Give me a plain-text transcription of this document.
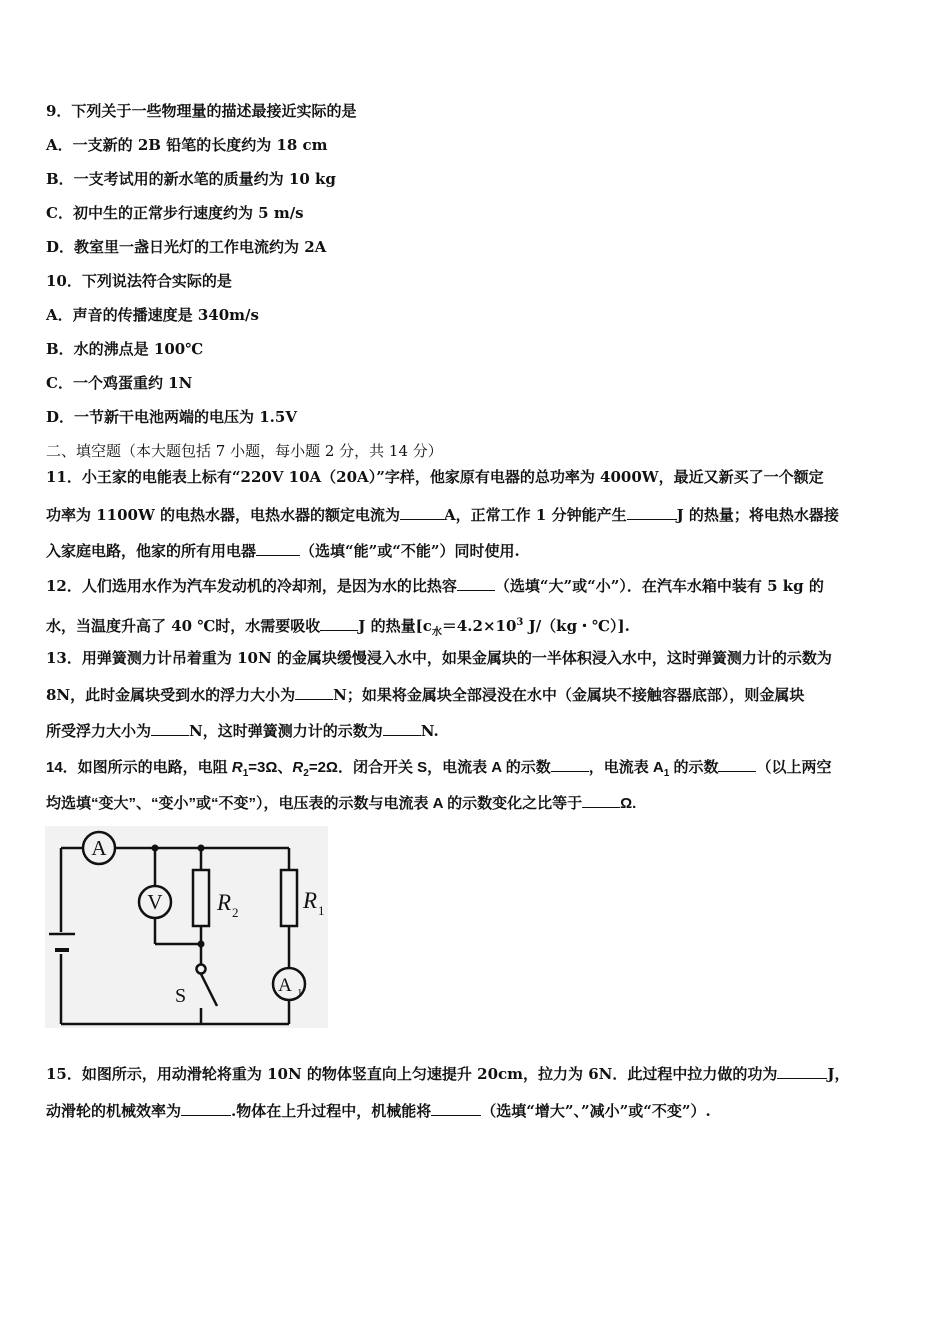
9．下列关于一些物理量的描述最接近实际的是
A．一支新的 2B 铅笔的长度约为 18 cm
B．一支考试用的新水笔的质量约为 10 kg
C．初中生的正常步行速度约为 5 m/s
D．教室里一盏日光灯的工作电流约为 2A
10．下列说法符合实际的是
A．声音的传播速度是 340m/s
B．水的沸点是 100℃
C．一个鸡蛋重约 1N
D．一节新干电池两端的电压为 1.5V
二、填空题（本大题包括 7 小题，每小题 2 分，共 14 分）
11．小王家的电能表上标有“220V 10A（20A）”字样，他家原有电器的总功率为 4000W，最近又新买了一个额定
功率为 1100W 的电热水器，电热水器的额定电流为	A，正常工作 1 分钟能产生	J 的热量；将电热水器接
入家庭电路，他家的所有用电器	（选填“能”或“不能”）同时使用.
12．人们选用水作为汽车发动机的冷却剂，是因为水的比热容	（选填“大”或“小”）．在汽车水箱中装有 5 kg 的
水，当温度升高了 40 ℃时，水需要吸收	J 的热量[$c_水=4.2\times 10^3$ J/（kg・℃）].
13．用弹簧测力计吊着重为 10N 的金属块缓慢浸入水中，如果金属块的一半体积浸入水中，这时弹簧测力计的示数为
8N，此时金属块受到水的浮力大小为	N；如果将金属块全部浸没在水中（金属块不接触容器底部），则金属块
所受浮力大小为	N，这时弹簧测力计的示数为	N.
14．如图所示的电路，电阻 $R_1=3\Omega$、$R_2=2\Omega$．闭合开关 S，电流表 A 的示数	，电流表 $A_1$ 的示数	（以上两空
均选填“变大”、“变小”或“不变”），电压表的示数与电流表 A 的示数变化之比等于	Ω.
A
V
A 1
R 2	R 1
S
15．如图所示，用动滑轮将重为 10N 的物体竖直向上匀速提升 20cm，拉力为 6N．此过程中拉力做的功为	J，
动滑轮的机械效率为	.物体在上升过程中，机械能将	（选填“增大”、”减小”或“不变”）.
